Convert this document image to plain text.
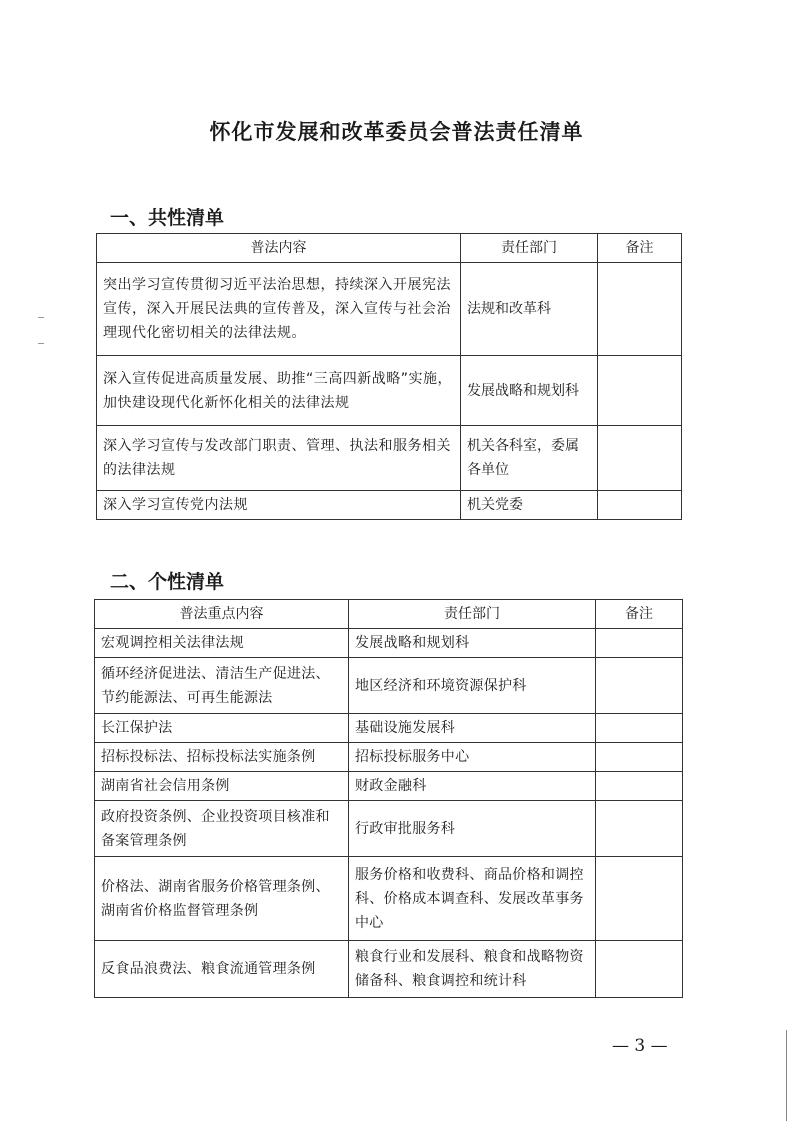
怀化市发展和改革委员会普法责任清单
一、共性清单
普法内容	责任部门	备注
突出学习宣传贯彻习近平法治思想，持续深入开展宪法宣传，深入开展民法典的宣传普及，深入宣传与社会治理现代化密切相关的法律法规。	法规和改革科	
深入宣传促进高质量发展、助推“三高四新战略”实施，加快建设现代化新怀化相关的法律法规	发展战略和规划科	
深入学习宣传与发改部门职责、管理、执法和服务相关的法律法规	机关各科室，委属各单位	
深入学习宣传党内法规	机关党委	
二、个性清单
普法重点内容	责任部门	备注
宏观调控相关法律法规	发展战略和规划科	
循环经济促进法、清洁生产促进法、节约能源法、可再生能源法	地区经济和环境资源保护科	
长江保护法	基础设施发展科	
招标投标法、招标投标法实施条例	招标投标服务中心	
湖南省社会信用条例	财政金融科	
政府投资条例、企业投资项目核准和备案管理条例	行政审批服务科	
价格法、湖南省服务价格管理条例、湖南省价格监督管理条例	服务价格和收费科、商品价格和调控科、价格成本调查科、发展改革事务中心	
反食品浪费法、粮食流通管理条例	粮食行业和发展科、粮食和战略物资储备科、粮食调控和统计科	
— 3 —
